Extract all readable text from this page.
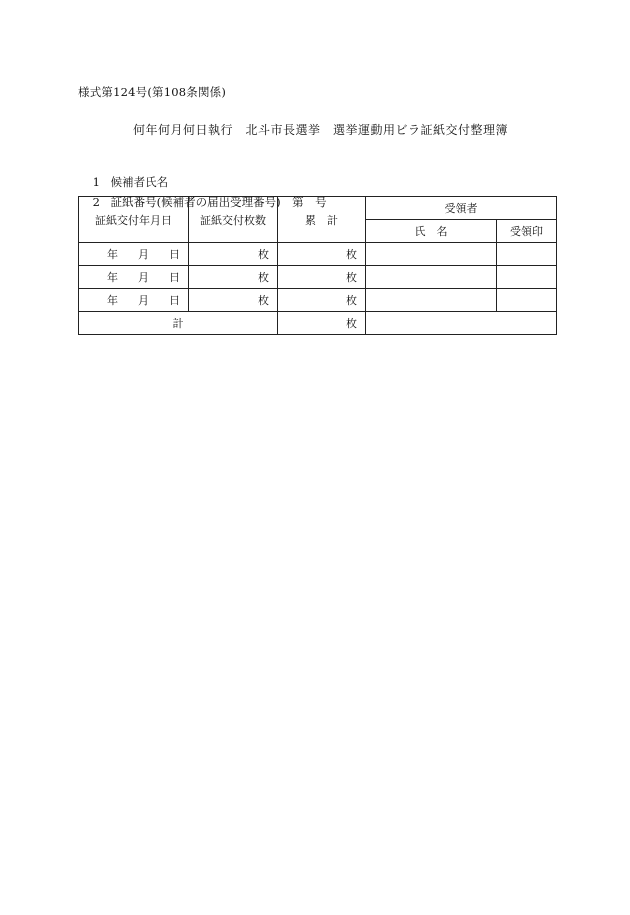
様式第124号(第108条関係)
何年何月何日執行　北斗市長選挙　選挙運動用ビラ証紙交付整理簿

1 候補者氏名

2 証紙番号(候補者の届出受理番号)　第　号

証紙交付年月日	証紙交付枚数	累　計	受領者	
			氏　名	受領印
年 月 日	枚	枚		
年 月 日	枚	枚		
年 月 日	枚	枚		
計		枚		
